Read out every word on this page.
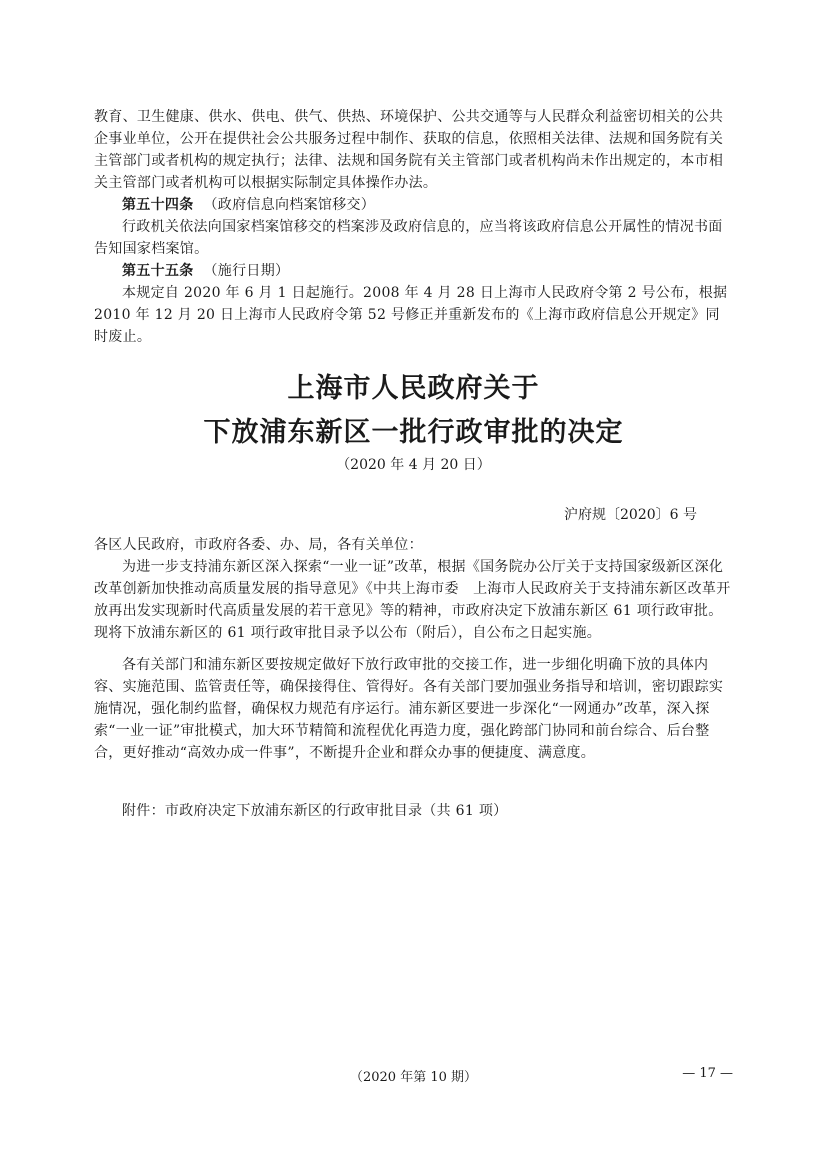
教育、卫生健康、供水、供电、供气、供热、环境保护、公共交通等与人民群众利益密切相关的公共企事业单位，公开在提供社会公共服务过程中制作、获取的信息，依照相关法律、法规和国务院有关主管部门或者机构的规定执行；法律、法规和国务院有关主管部门或者机构尚未作出规定的，本市相关主管部门或者机构可以根据实际制定具体操作办法。

第五十四条 （政府信息向档案馆移交）

行政机关依法向国家档案馆移交的档案涉及政府信息的，应当将该政府信息公开属性的情况书面告知国家档案馆。

第五十五条 （施行日期）

本规定自 2020 年 6 月 1 日起施行。2008 年 4 月 28 日上海市人民政府令第 2 号公布，根据 2010 年 12 月 20 日上海市人民政府令第 52 号修正并重新发布的《上海市政府信息公开规定》同时废止。

上海市人民政府关于
下放浦东新区一批行政审批的决定

（2020 年 4 月 20 日）

沪府规〔2020〕6 号

各区人民政府，市政府各委、办、局，各有关单位：

为进一步支持浦东新区深入探索“一业一证”改革，根据《国务院办公厅关于支持国家级新区深化改革创新加快推动高质量发展的指导意见》《中共上海市委　上海市人民政府关于支持浦东新区改革开放再出发实现新时代高质量发展的若干意见》等的精神，市政府决定下放浦东新区 61 项行政审批。现将下放浦东新区的 61 项行政审批目录予以公布（附后），自公布之日起实施。

各有关部门和浦东新区要按规定做好下放行政审批的交接工作，进一步细化明确下放的具体内容、实施范围、监管责任等，确保接得住、管得好。各有关部门要加强业务指导和培训，密切跟踪实施情况，强化制约监督，确保权力规范有序运行。浦东新区要进一步深化“一网通办”改革，深入探索“一业一证”审批模式，加大环节精简和流程优化再造力度，强化跨部门协同和前台综合、后台整合，更好推动“高效办成一件事”，不断提升企业和群众办事的便捷度、满意度。

附件：市政府决定下放浦东新区的行政审批目录（共 61 项）

（2020 年第 10 期）	— 17 —
